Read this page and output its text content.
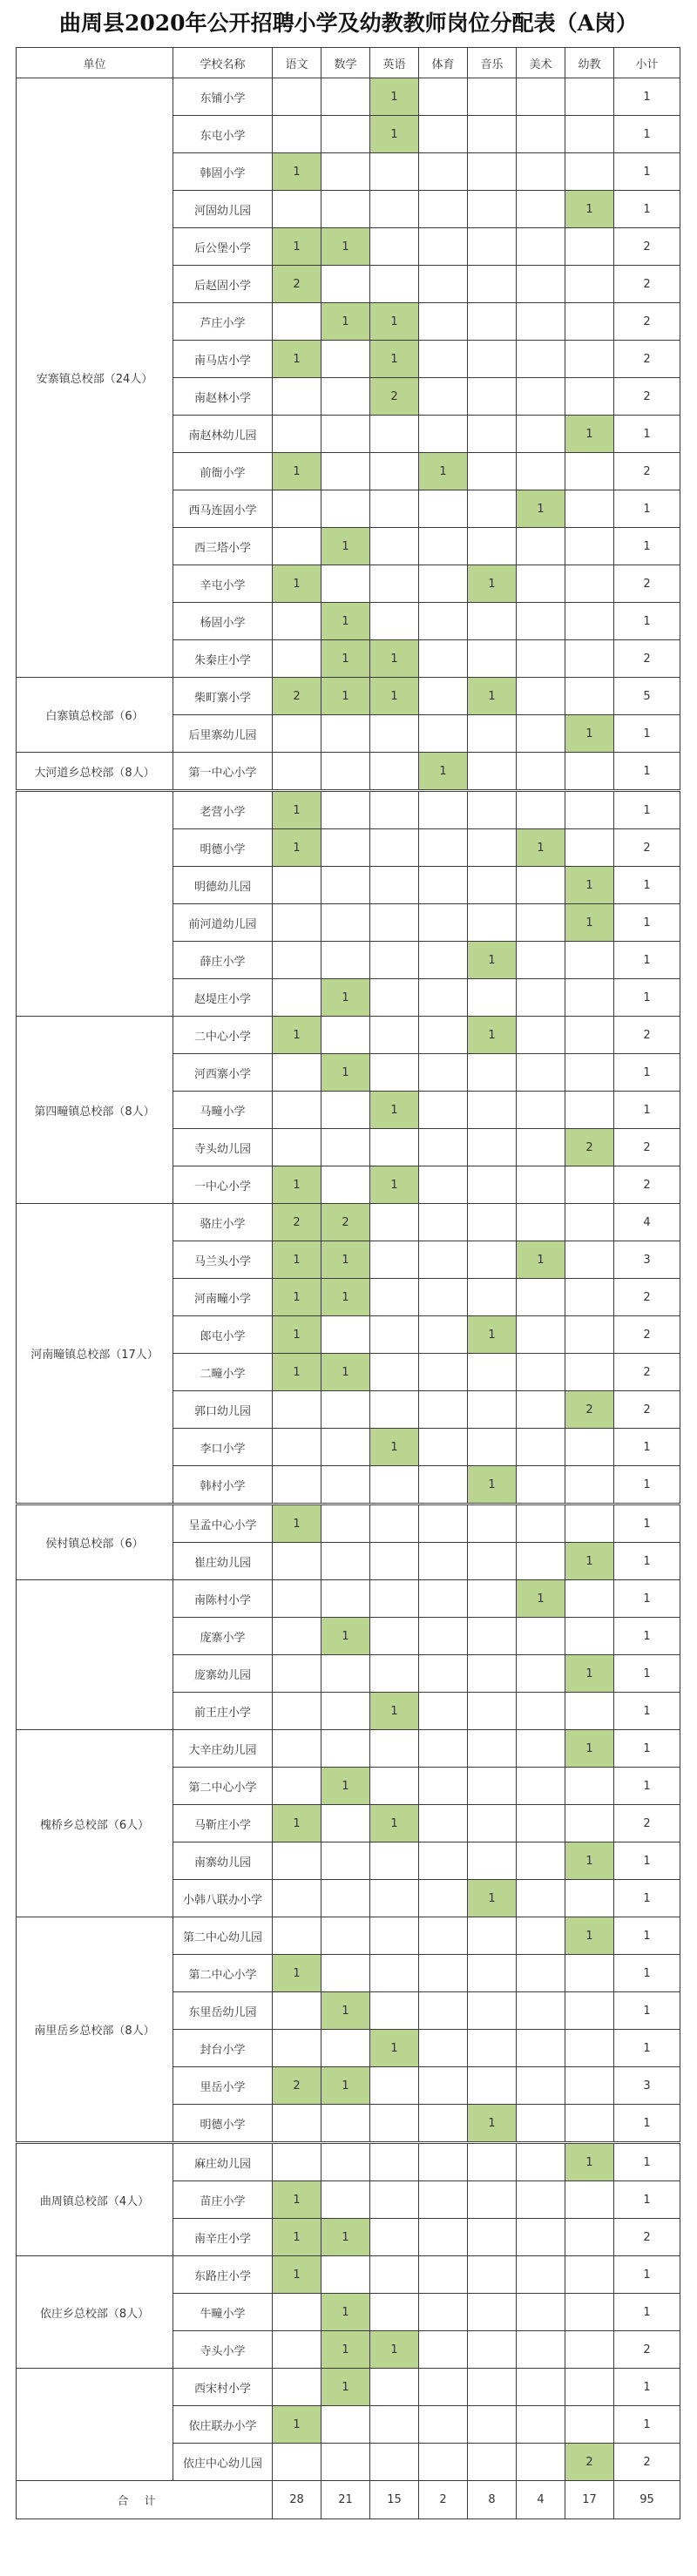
曲周县2020年公开招聘小学及幼教教师岗位分配表（A岗）
单位	学校名称	语文	数学	英语	体育	音乐	美术	幼教	小计
安寨镇总校部（24人）	东铺小学			1					1
	东屯小学			1					1
	韩固小学	1							1
	河固幼儿园							1	1
	后公堡小学	1	1						2
	后赵固小学	2							2
	芦庄小学		1	1					2
	南马店小学	1		1					2
	南赵林小学			2					2
	南赵林幼儿园							1	1
	前衙小学	1			1				2
	西马连固小学						1		1
	西三塔小学		1						1
	辛屯小学	1				1			2
	杨固小学		1						1
	朱秦庄小学		1	1					2
白寨镇总校部（6）	柴町寨小学	2	1	1		1			5
	后里寨幼儿园							1	1
大河道乡总校部（8人）	第一中心小学				1				1
	老营小学	1							1
	明德小学	1					1		2
	明德幼儿园							1	1
	前河道幼儿园							1	1
	薛庄小学					1			1
	赵堤庄小学		1						1
第四疃镇总校部（8人）	二中心小学	1				1			2
	河西寨小学		1						1
	马疃小学			1					1
	寺头幼儿园							2	2
	一中心小学	1		1					2
河南疃镇总校部（17人）	骆庄小学	2	2						4
	马兰头小学	1	1				1		3
	河南疃小学	1	1						2
	郎屯小学	1				1			2
	二疃小学	1	1						2
	郭口幼儿园							2	2
	李口小学			1					1
	韩村小学					1			1
侯村镇总校部（6）	呈孟中心小学	1							1
	崔庄幼儿园							1	1
	南陈村小学						1		1
	庞寨小学		1						1
	庞寨幼儿园							1	1
	前王庄小学			1					1
槐桥乡总校部（6人）	大辛庄幼儿园							1	1
	第二中心小学		1						1
	马靳庄小学	1		1					2
	南寨幼儿园							1	1
	小韩八联办小学					1			1
南里岳乡总校部（8人）	第二中心幼儿园							1	1
	第二中心小学	1							1
	东里岳幼儿园		1						1
	封台小学			1					1
	里岳小学	2	1						3
	明德小学					1			1
曲周镇总校部（4人）	麻庄幼儿园							1	1
	苗庄小学	1							1
	南辛庄小学	1	1						2
依庄乡总校部（8人）	东路庄小学	1							1
	牛疃小学		1						1
	寺头小学		1	1					2
	西宋村小学		1						1
	依庄联办小学	1							1
	依庄中心幼儿园							2	2
合计		28	21	15	2	8	4	17	95
